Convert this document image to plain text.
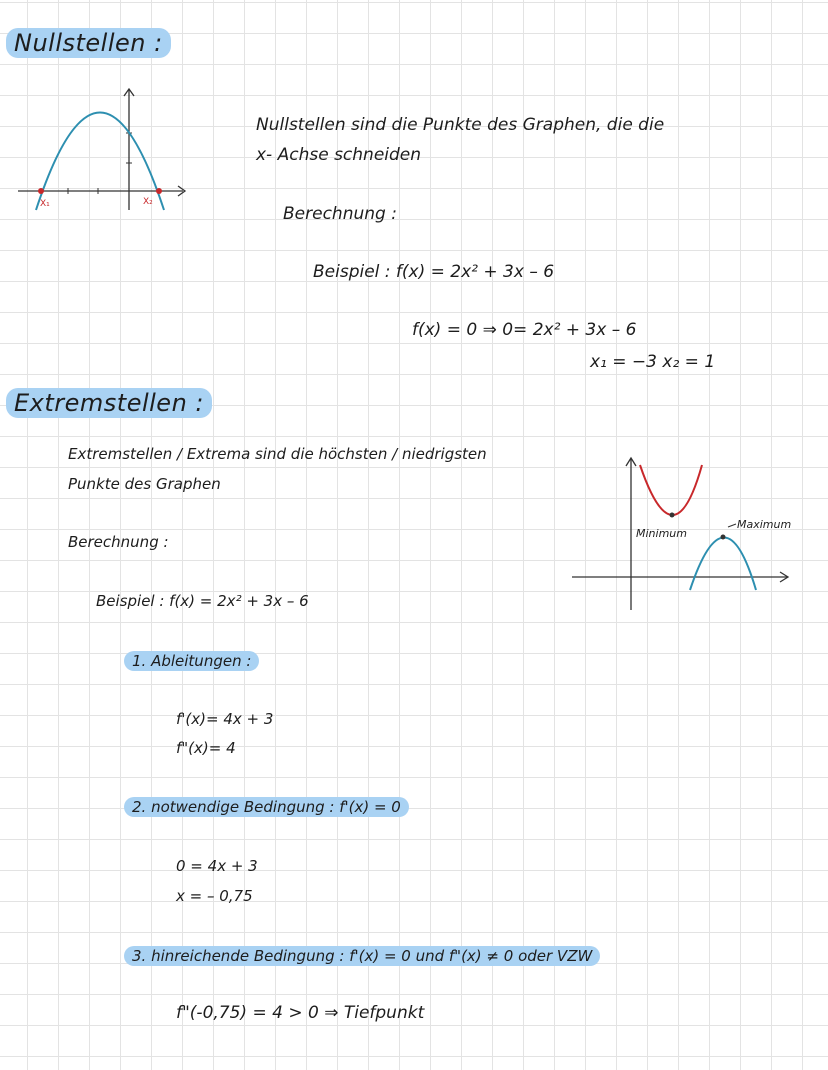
Nullstellen :
X₁	X₂
Nullstellen sind die Punkte des Graphen, die die
x- Achse schneiden
Berechnung :
Beispiel : f(x) = 2x² + 3x – 6
f(x) = 0 ⇒ 0= 2x² + 3x – 6
x₁ = −3 x₂ = 1
Extremstellen :
Extremstellen / Extrema sind die höchsten / niedrigsten
Punkte des Graphen
Minimum
Maximum
Berechnung :
Beispiel : f(x) = 2x² + 3x – 6
1. Ableitungen :
f'(x)= 4x + 3
f"(x)= 4
2. notwendige Bedingung : f'(x) = 0
0 = 4x + 3
x = – 0,75
3. hinreichende Bedingung : f'(x) = 0 und f"(x) ≠ 0 oder VZW
f"(-0,75) = 4 > 0 ⇒ Tiefpunkt
